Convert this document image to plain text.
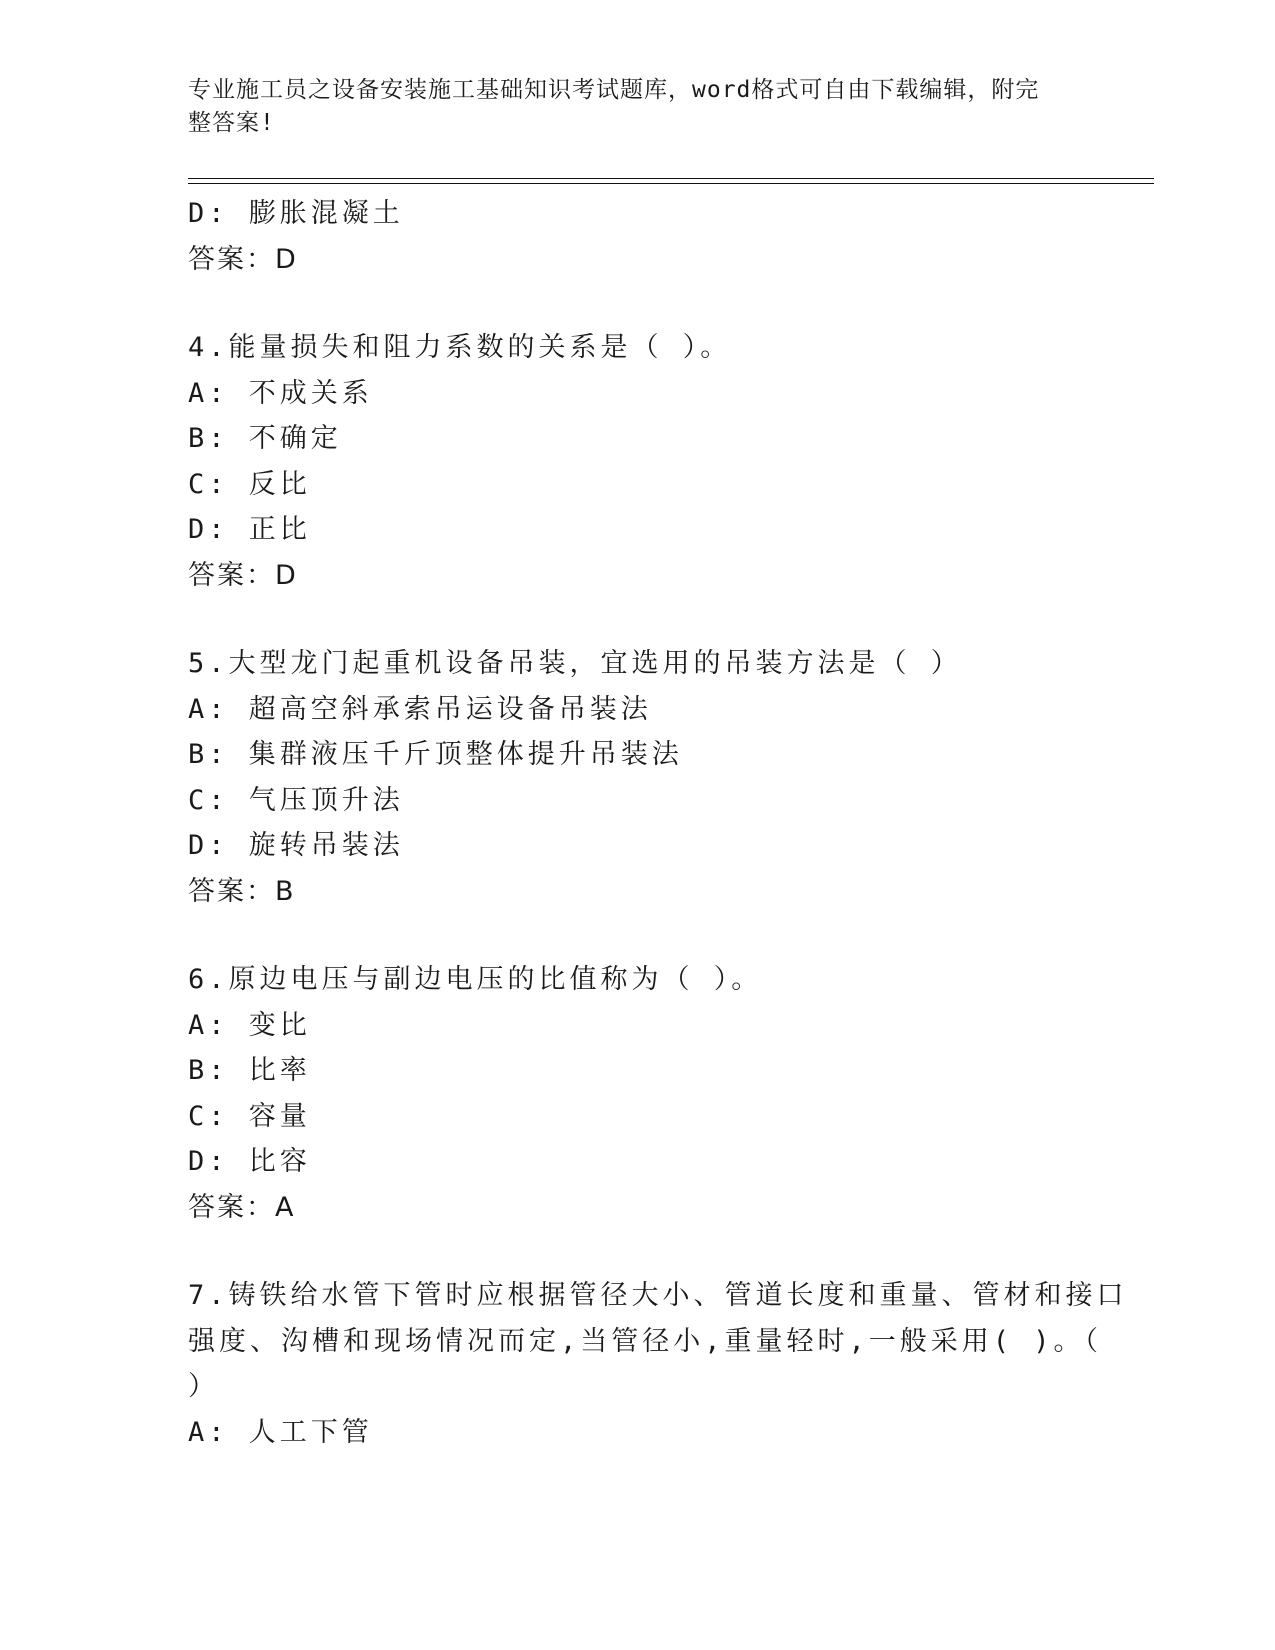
专业施工员之设备安装施工基础知识考试题库，word格式可自由下载编辑，附完
整答案!
D: 膨胀混凝土
答案：D
4.能量损失和阻力系数的关系是（ ）。
A: 不成关系
B: 不确定
C: 反比
D: 正比
答案：D
5.大型龙门起重机设备吊装，宜选用的吊装方法是（ ）
A: 超高空斜承索吊运设备吊装法
B: 集群液压千斤顶整体提升吊装法
C: 气压顶升法
D: 旋转吊装法
答案：B
6.原边电压与副边电压的比值称为（ ）。
A: 变比
B: 比率
C: 容量
D: 比容
答案：A
7.铸铁给水管下管时应根据管径大小、管道长度和重量、管材和接口
强度、沟槽和现场情况而定,当管径小,重量轻时,一般采用( )。（
）
A: 人工下管
